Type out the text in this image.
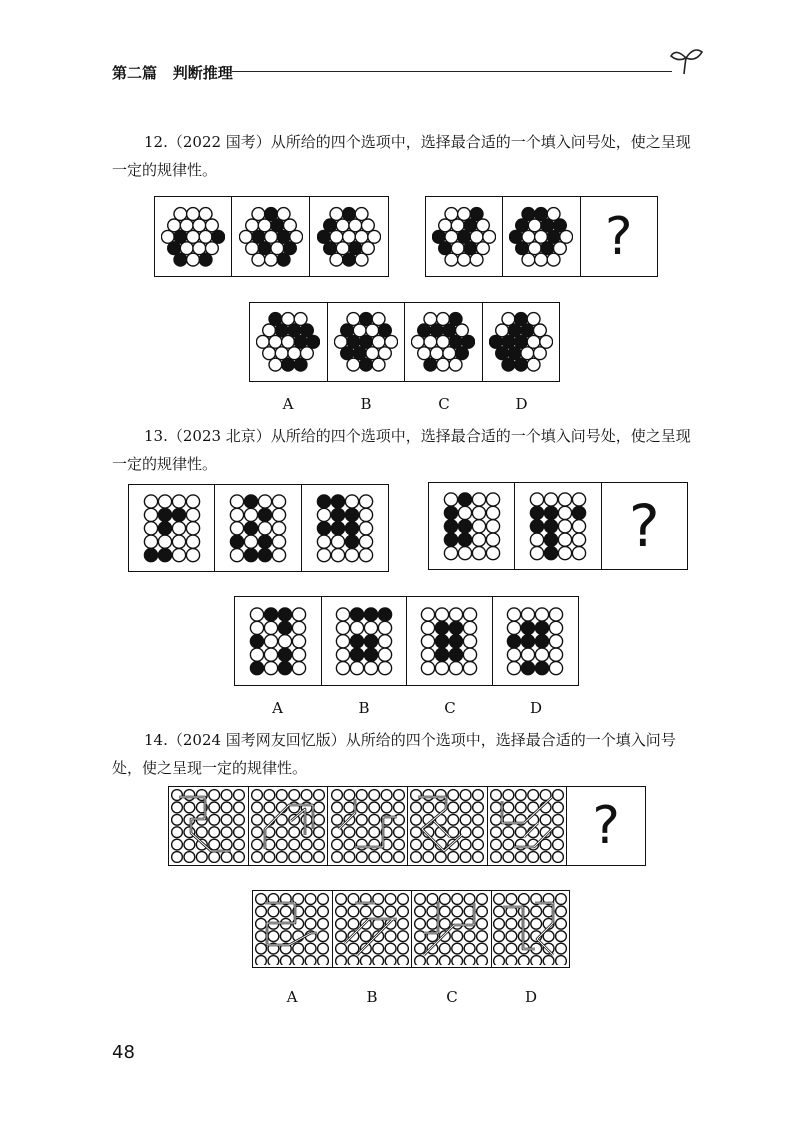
第二篇 判断推理
12.（2022 国考）从所给的四个选项中，选择最合适的一个填入问号处，使之呈现一定的规律性。
?
A	B	C	D
13.（2023 北京）从所给的四个选项中，选择最合适的一个填入问号处，使之呈现一定的规律性。
?
A	B	C	D
14.（2024 国考网友回忆版）从所给的四个选项中，选择最合适的一个填入问号处，使之呈现一定的规律性。
?
A	B	C	D
48
